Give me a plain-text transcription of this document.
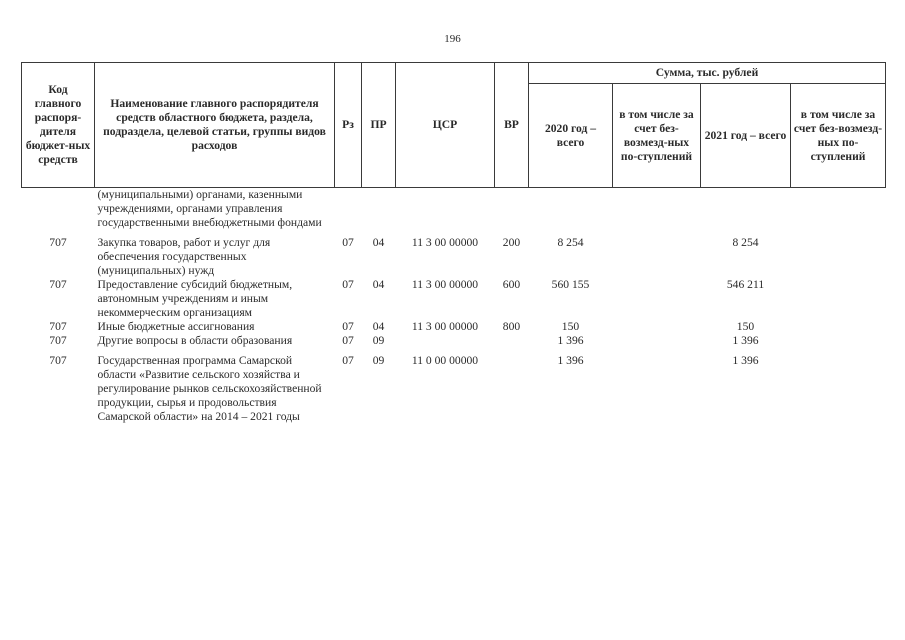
196
Код главного распоря-дителя бюджет-ных средств	Наименование главного распорядителя средств областного бюджета, раздела, подраздела, целевой статьи, группы видов расходов	Рз	ПР	ЦСР	ВР	Сумма, тыс. рублей			
						2020 год – всего	в том числе за счет без-возмезд-ных по-ступлений	2021 год – всего	в том числе за счет без-возмезд-ных по-ступлений
	(муниципальными) органами, казенными учреждениями, органами управления государственными внебюджетными фондами								

707	Закупка товаров, работ и услуг для обеспечения государственных (муниципальных) нужд	07	04	11 3 00 00000	200	8 254		8 254	
707	Предоставление субсидий бюджетным, автономным учреждениям и иным некоммерческим организациям	07	04	11 3 00 00000	600	560 155		546 211	
707	Иные бюджетные ассигнования	07	04	11 3 00 00000	800	150		150	
707	Другие вопросы в области образования	07	09			1 396		1 396	

707	Государственная программа Самарской области «Развитие сельского хозяйства и регулирование рынков сельскохозяйственной продукции, сырья и продовольствия Самарской области» на 2014 – 2021 годы	07	09	11 0 00 00000		1 396		1 396	
